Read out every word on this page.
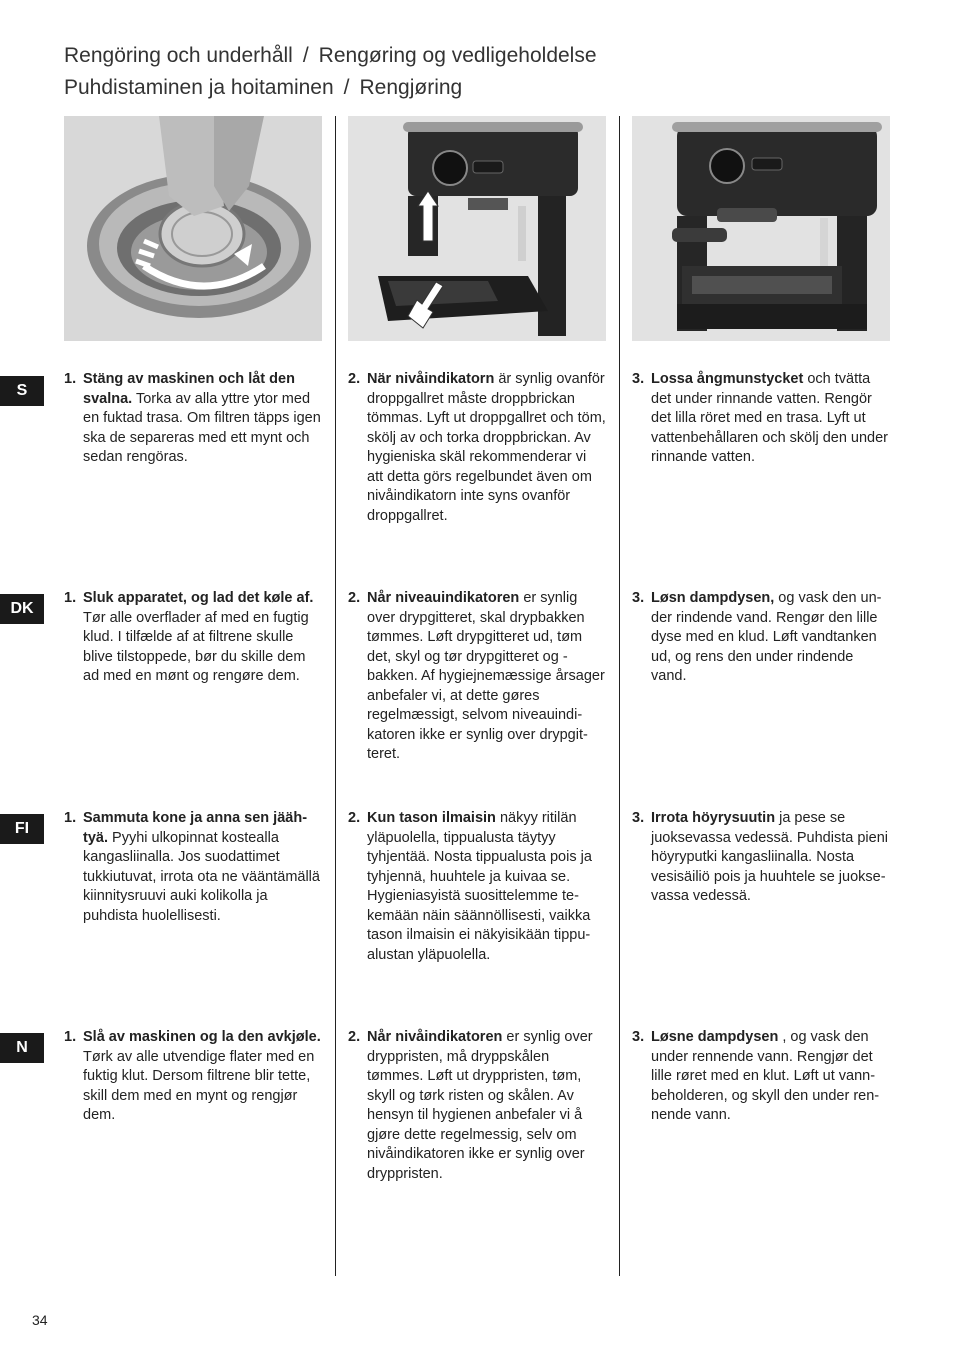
Rengöring och underhåll / Rengøring og vedligeholdelse
Puhdistaminen ja hoitaminen / Rengjøring
S
DK
FI
N
1. Stäng av maskinen och låt den svalna. Torka av alla yttre ytor med en fuktad trasa. Om filtren täpps igen ska de separeras med ett mynt och sedan rengöras.
2. När nivåindikatorn är synlig ovanför droppgallret måste droppbrickan tömmas. Lyft ut droppgallret och töm, skölj av och torka droppbrickan. Av hygieniska skäl rekommenderar vi att detta görs regelbundet även om nivåindikatorn inte syns ovanför droppgallret.
3. Lossa ångmunstycket och tvätta det under rinnande vatten. Rengör det lilla röret med en trasa. Lyft ut vattenbehållaren och skölj den under rinnande vatten.
1. Sluk apparatet, og lad det køle af. Tør alle overflader af med en fugtig klud. I tilfælde af at filtrene skulle blive tilstoppede, bør du skille dem ad med en mønt og rengøre dem.
2. Når niveauindikatoren er synlig over drypgitteret, skal drypbakken tømmes. Løft drypgitteret ud, tøm det, skyl og tør drypgitteret og -bakken. Af hygiejnemæssige årsager anbefaler vi, at dette gøres regelmæssigt, selvom niveauindikatoren ikke er synlig over drypgitteret.
3. Løsn dampdysen, og vask den under rindende vand. Rengør den lille dyse med en klud. Løft vandtanken ud, og rens den under rindende vand.
1. Sammuta kone ja anna sen jäähtyä. Pyyhi ulkopinnat kostealla kangasliinalla. Jos suodattimet tukkiutuvat, irrota ota ne vääntämällä kiinnitysruuvi auki kolikolla ja puhdista huolellisesti.
2. Kun tason ilmaisin näkyy ritilän yläpuolella, tippualusta täytyy tyhjentää. Nosta tippualusta pois ja tyhjennä, huuhtele ja kuivaa se. Hygieniasyistä suosittelemme tekemään näin säännöllisesti, vaikka tason ilmaisin ei näkyisikään tippualustan yläpuolella.
3. Irrota höyrysuutin ja pese se juoksevassa vedessä. Puhdista pieni höyryputki kangasliinalla. Nosta vesisäiliö pois ja huuhtele se juoksevassa vedessä.
1. Slå av maskinen og la den avkjøle. Tørk av alle utvendige flater med en fuktig klut. Dersom filtrene blir tette, skill dem med en mynt og rengjør dem.
2. Når nivåindikatoren er synlig over dryppristen, må dryppskålen tømmes. Løft ut dryppristen, tøm, skyll og tørk risten og skålen. Av hensyn til hygienen anbefaler vi å gjøre dette regelmessig, selv om nivåindikatoren ikke er synlig over dryppristen.
3. Løsne dampdysen , og vask den under rennende vann. Rengjør det lille røret med en klut. Løft ut vannbeholderen, og skyll den under rennende vann.
34
